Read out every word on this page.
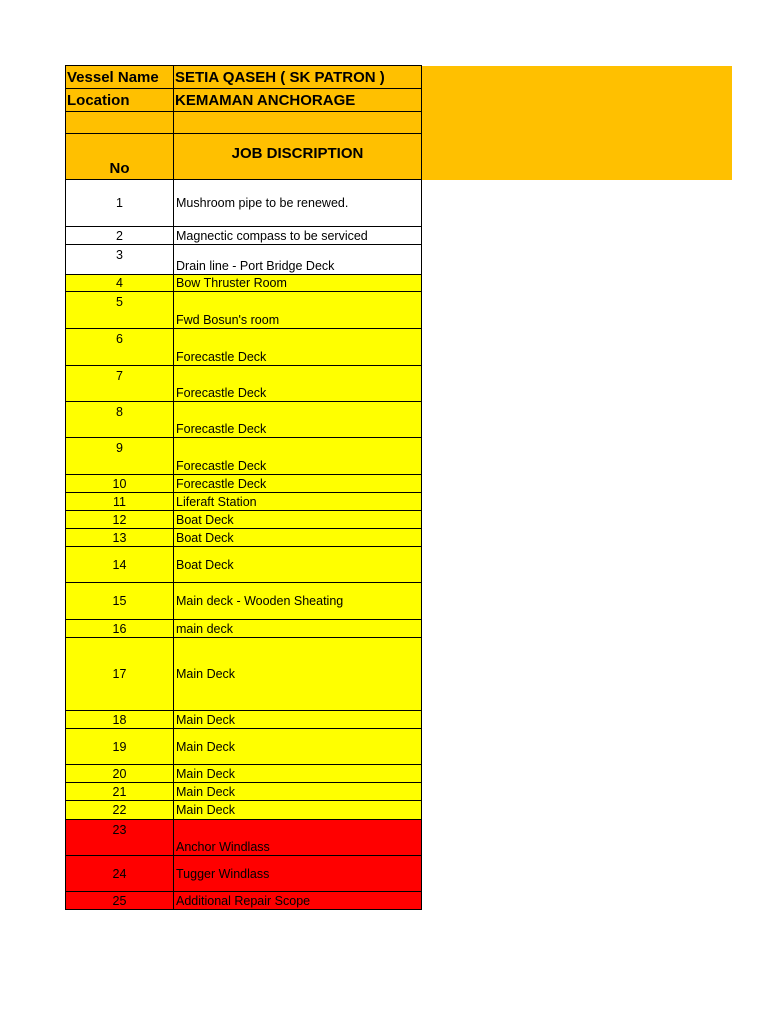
Vessel Name	SETIA QASEH ( SK PATRON )
Location	KEMAMAN ANCHORAGE

No	JOB DISCRIPTION
1	Mushroom pipe to be renewed.
2	Magnectic compass to be serviced
3	Drain line - Port Bridge Deck
4	Bow Thruster Room
5	Fwd Bosun's room
6	Forecastle Deck
7	Forecastle Deck
8	Forecastle Deck
9	Forecastle Deck
10	Forecastle Deck
11	Liferaft Station
12	Boat Deck
13	Boat Deck
14	Boat Deck
15	Main deck - Wooden Sheating
16	main deck
17	Main Deck
18	Main Deck
19	Main Deck
20	Main Deck
21	Main Deck
22	Main Deck
23	Anchor Windlass
24	Tugger Windlass
25	Additional Repair Scope
